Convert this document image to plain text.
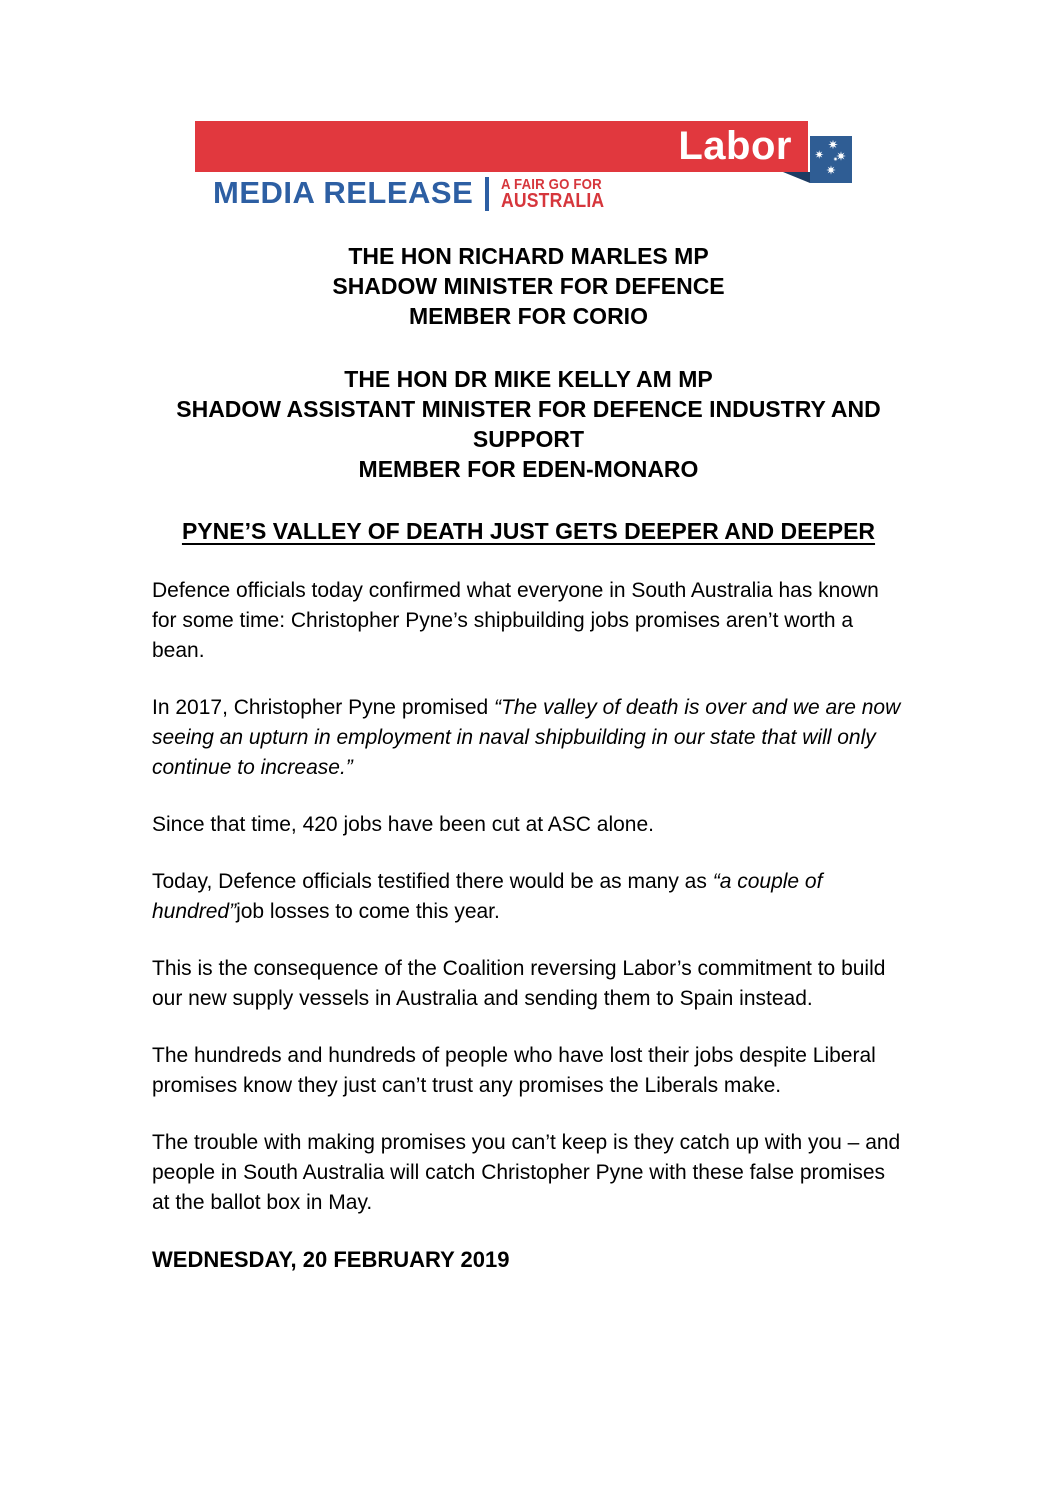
Labor
MEDIA RELEASE A FAIR GO FOR
AUSTRALIA
THE HON RICHARD MARLES MP
SHADOW MINISTER FOR DEFENCE
MEMBER FOR CORIO
THE HON DR MIKE KELLY AM MP
SHADOW ASSISTANT MINISTER FOR DEFENCE INDUSTRY AND
SUPPORT
MEMBER FOR EDEN-MONARO
PYNE’S VALLEY OF DEATH JUST GETS DEEPER AND DEEPER

Defence officials today confirmed what everyone in South Australia has known for some time: Christopher Pyne’s shipbuilding jobs promises aren’t worth a bean.

In 2017, Christopher Pyne promised “The valley of death is over and we are now seeing an upturn in employment in naval shipbuilding in our state that will only continue to increase.”

Since that time, 420 jobs have been cut at ASC alone.

Today, Defence officials testified there would be as many as “a couple of hundred”job losses to come this year.

This is the consequence of the Coalition reversing Labor’s commitment to build our new supply vessels in Australia and sending them to Spain instead.

The hundreds and hundreds of people who have lost their jobs despite Liberal promises know they just can’t trust any promises the Liberals make.

The trouble with making promises you can’t keep is they catch up with you – and people in South Australia will catch Christopher Pyne with these false promises at the ballot box in May.

WEDNESDAY, 20 FEBRUARY 2019
